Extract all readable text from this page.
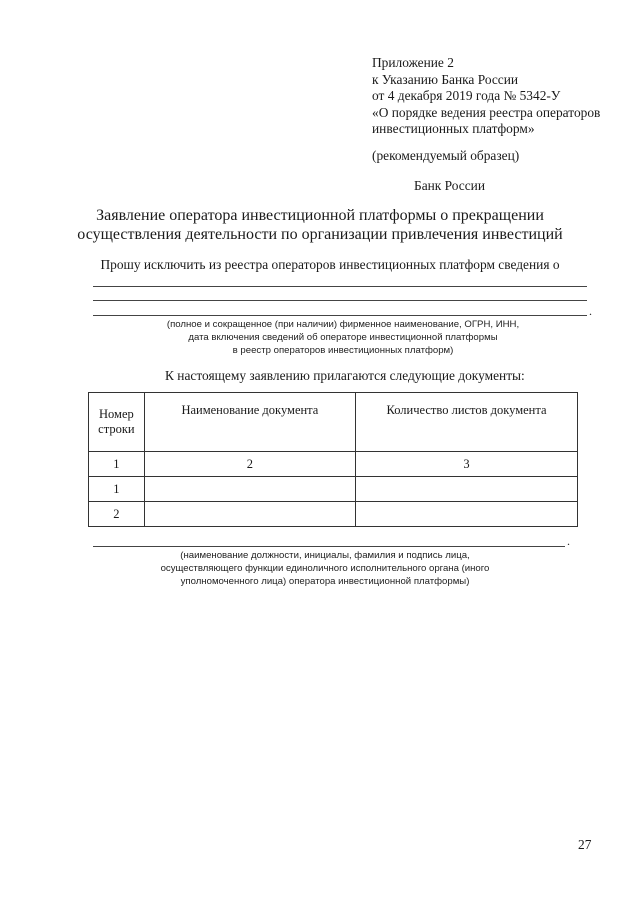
Приложение 2
к Указанию Банка России
от 4 декабря 2019 года № 5342-У
«О порядке ведения реестра операторов
инвестиционных платформ»
(рекомендуемый образец)
Банк России
Заявление оператора инвестиционной платформы о прекращении
осуществления деятельности по организации привлечения инвестиций
Прошу исключить из реестра операторов инвестиционных платформ сведения о
.
(полное и сокращенное (при наличии) фирменное наименование, ОГРН, ИНН,
дата включения сведений об операторе инвестиционной платформы
в реестр операторов инвестиционных платформ)
К настоящему заявлению прилагаются следующие документы:
Номер
строки	Наименование документа	Количество листов документа
1	2	3
1		
2		
.
(наименование должности, инициалы, фамилия и подпись лица,
осуществляющего функции единоличного исполнительного органа (иного
уполномоченного лица) оператора инвестиционной платформы)
27
